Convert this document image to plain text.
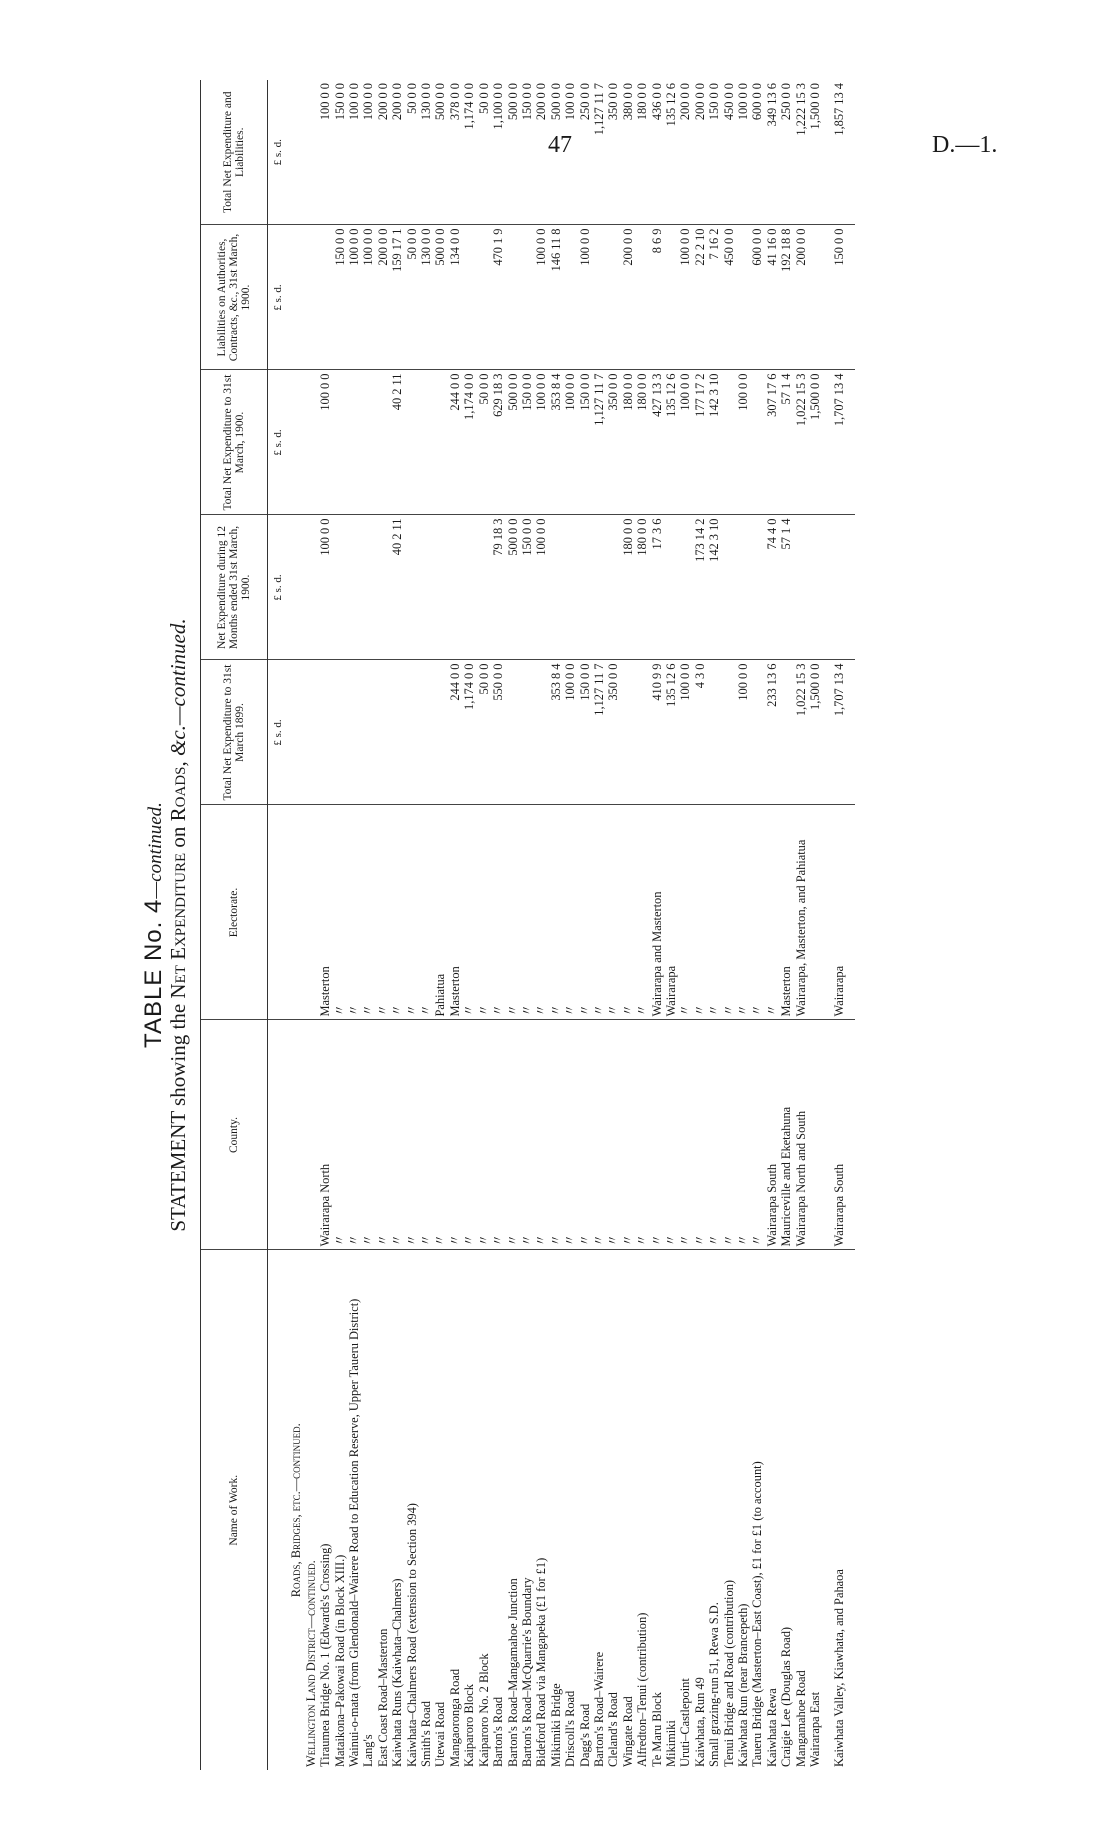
47	D.—1.
TABLE No. 4—continued.
STATEMENT showing the Net Expenditure on Roads, &c.—continued.
Name of Work.	County.	Electorate.	Total Net Expenditure to 31st March 1899.	Net Expenditure during 12 Months ended 31st March, 1900.	Total Net Expenditure to 31st March, 1900.	Liabilities on Authorities, Contracts, &c., 31st March, 1900.	Total Net Expenditure and Liabilities.
			£ s. d.	£ s. d.	£ s. d.	£ s. d.	£ s. d.
Roads, Bridges, etc.—continued.							
Wellington Land District—continued.							
Tiraumea Bridge No. 1 (Edwards's Crossing)	Wairarapa North	Masterton		100 0 0	100 0 0		100 0 0
Mataikona–Pakowai Road (in Block XIII.)	〃	〃				150 0 0	150 0 0
Wainui-o-mata (from Glendonald–Wairere Road to Education Reserve, Upper Taueru District)	〃	〃				100 0 0	100 0 0
Lang's	〃	〃				100 0 0	100 0 0
East Coast Road–Masterton	〃	〃				200 0 0	200 0 0
Kaiwhata Runs (Kaiwhata–Chalmers)	〃	〃		40 2 11	40 2 11	159 17 1	200 0 0
Kaiwhata–Chalmers Road (extension to Section 394)	〃	〃				50 0 0	50 0 0
Smith's Road	〃	〃				130 0 0	130 0 0
Utewai Road	〃	Pahiatua				500 0 0	500 0 0
Mangaoronga Road	〃	Masterton	244 0 0		244 0 0	134 0 0	378 0 0
Kaiparoro Block	〃	〃	1,174 0 0		1,174 0 0		1,174 0 0
Kaiparoro No. 2 Block	〃	〃	50 0 0		50 0 0		50 0 0
Barton's Road	〃	〃	550 0 0	79 18 3	629 18 3	470 1 9	1,100 0 0
Barton's Road–Mangamahoe Junction	〃	〃		500 0 0	500 0 0		500 0 0
Barton's Road–McQuarrie's Boundary	〃	〃		150 0 0	150 0 0		150 0 0
Bideford Road via Mangapeka (£1 for £1)	〃	〃		100 0 0	100 0 0	100 0 0	200 0 0
Mikimiki Bridge	〃	〃	353 8 4		353 8 4	146 11 8	500 0 0
Driscoll's Road	〃	〃	100 0 0		100 0 0		100 0 0
Dagg's Road	〃	〃	150 0 0		150 0 0	100 0 0	250 0 0
Barton's Road–Wairere	〃	〃	1,127 11 7		1,127 11 7		1,127 11 7
Cleland's Road	〃	〃	350 0 0		350 0 0		350 0 0
Wingate Road	〃	〃		180 0 0	180 0 0	200 0 0	380 0 0
Alfredton–Tenui (contribution)	〃	〃		180 0 0	180 0 0		180 0 0
Te Maru Block	〃	Wairarapa and Masterton	410 9 9	17 3 6	427 13 3	8 6 9	436 0 0
Mikimiki	〃	Wairarapa	135 12 6		135 12 6		135 12 6
Uruti–Castlepoint	〃	〃	100 0 0		100 0 0	100 0 0	200 0 0
Kaiwhata, Run 49	〃	〃	4 3 0	173 14 2	177 17 2	22 2 10	200 0 0
Small grazing-run 51, Rewa S.D.	〃	〃		142 3 10	142 3 10	7 16 2	150 0 0
Tenui Bridge and Road (contribution)	〃	〃				450 0 0	450 0 0
Kaiwhata Run (near Brancepeth)	〃	〃	100 0 0		100 0 0		100 0 0
Taueru Bridge (Masterton–East Coast), £1 for £1 (to account)	〃	〃				600 0 0	600 0 0
Kaiwhata Rewa	Wairarapa South	〃	233 13 6	74 4 0	307 17 6	41 16 0	349 13 6
Craigie Lee (Douglas Road)	Mauriceville and Eketahuna	Masterton		57 1 4	57 1 4	192 18 8	250 0 0
Mangamahoe Road	Wairarapa North and South	Wairarapa, Masterton, and Pahiatua	1,022 15 3		1,022 15 3	200 0 0	1,222 15 3
Wairarapa East			1,500 0 0		1,500 0 0		1,500 0 0
Kaiwhata Valley, Kiawhata, and Pahaoa	Wairarapa South	Wairarapa	1,707 13 4		1,707 13 4	150 0 0	1,857 13 4
